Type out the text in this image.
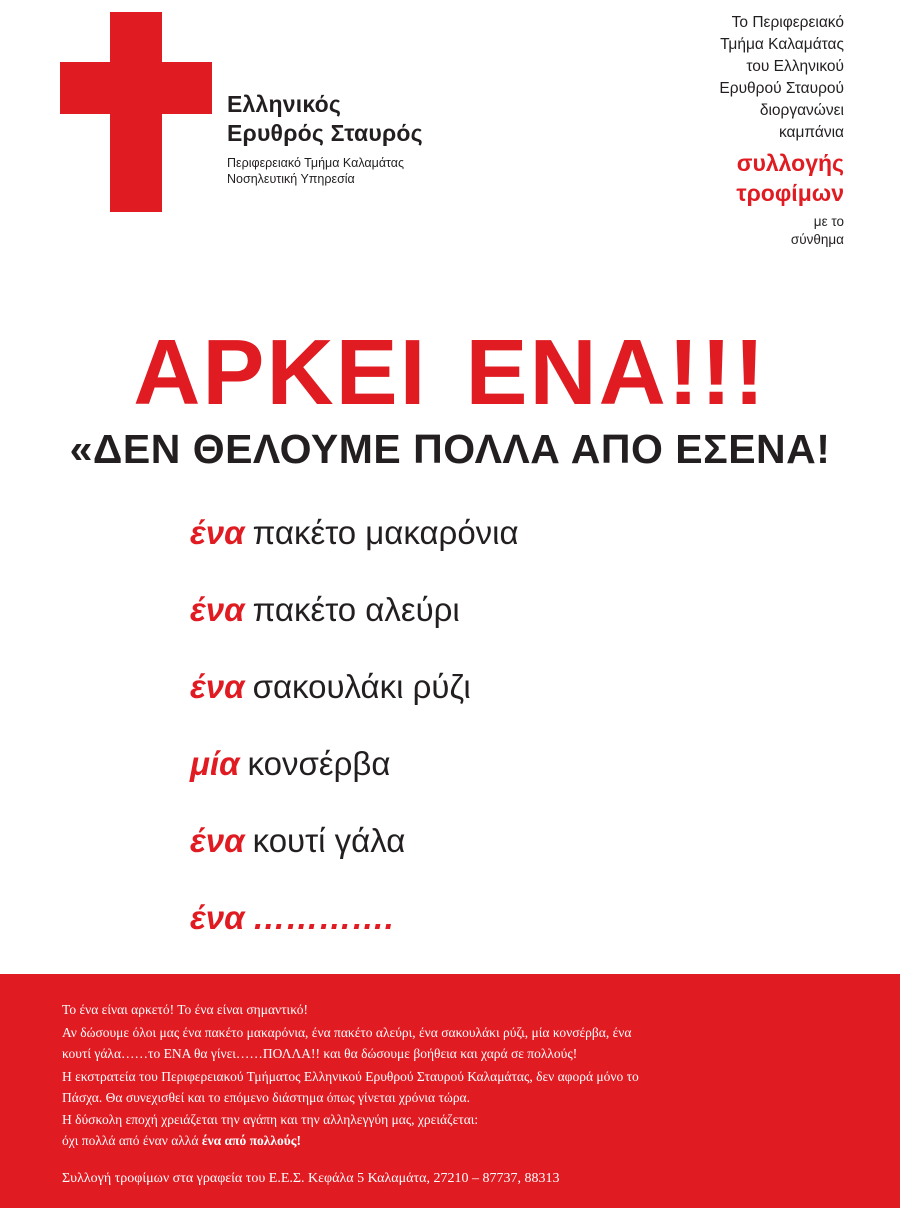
Ελληνικός
Ερυθρός Σταυρός
Περιφερειακό Τμήμα Καλαμάτας
Νοσηλευτική Υπηρεσία
Το Περιφερειακό
Τμήμα Καλαμάτας
του Ελληνικού
Ερυθρού Σταυρού
διοργανώνει
καμπάνια
συλλογής
τροφίμων
με το
σύνθημα
ΑΡΚΕΙ ΕΝΑ!!!
«ΔΕΝ ΘΕΛΟΥΜΕ ΠΟΛΛΑ ΑΠΟ ΕΣΕΝΑ!
ένα πακέτο μακαρόνια
ένα πακέτο αλεύρι
ένα σακουλάκι ρύζι
μία κονσέρβα
ένα κουτί γάλα
ένα ………….
Το ένα είναι αρκετό! Το ένα είναι σημαντικό!
Αν δώσουμε όλοι μας ένα πακέτο μακαρόνια, ένα πακέτο αλεύρι, ένα σακουλάκι ρύζι, μία κονσέρβα, ένα
κουτί γάλα……το ΕΝΑ θα γίνει……ΠΟΛΛΑ!! και θα δώσουμε βοήθεια και χαρά σε πολλούς!
Η εκστρατεία του Περιφερειακού Τμήματος Ελληνικού Ερυθρού Σταυρού Καλαμάτας, δεν αφορά μόνο το
Πάσχα. Θα συνεχισθεί και το επόμενο διάστημα όπως γίνεται χρόνια τώρα.
Η δύσκολη εποχή χρειάζεται την αγάπη και την αλληλεγγύη μας, χρειάζεται:
όχι πολλά από έναν αλλά ένα από πολλούς!
Συλλογή τροφίμων στα γραφεία του Ε.Ε.Σ. Κεφάλα 5 Καλαμάτα, 27210 – 87737, 88313
